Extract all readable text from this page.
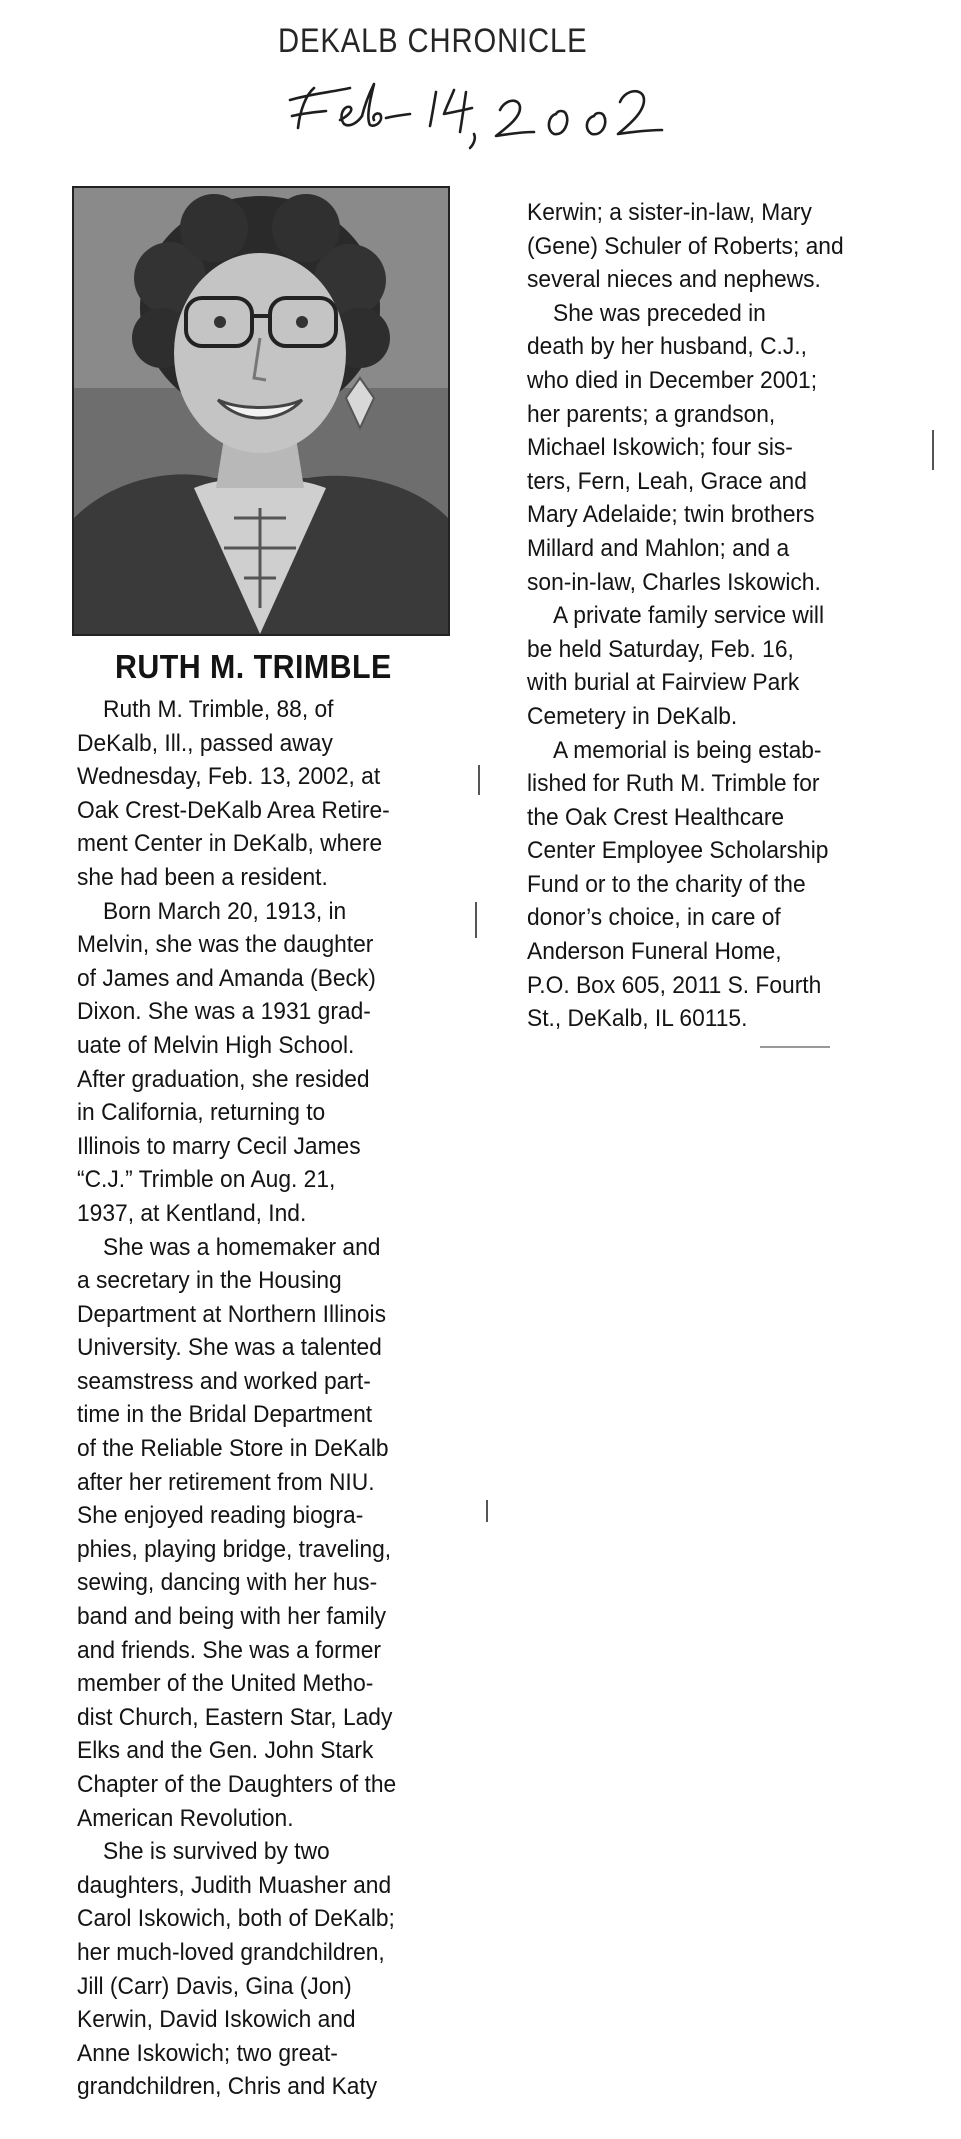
DEKALB CHRONICLE
RUTH M. TRIMBLE
Ruth M. Trimble, 88, of
DeKalb, Ill., passed away
Wednesday, Feb. 13, 2002, at
Oak Crest-DeKalb Area Retire-
ment Center in DeKalb, where
she had been a resident.
Born March 20, 1913, in
Melvin, she was the daughter
of James and Amanda (Beck)
Dixon. She was a 1931 grad-
uate of Melvin High School.
After graduation, she resided
in California, returning to
Illinois to marry Cecil James
“C.J.” Trimble on Aug. 21,
1937, at Kentland, Ind.
She was a homemaker and
a secretary in the Housing
Department at Northern Illinois
University. She was a talented
seamstress and worked part-
time in the Bridal Department
of the Reliable Store in DeKalb
after her retirement from NIU.
She enjoyed reading biogra-
phies, playing bridge, traveling,
sewing, dancing with her hus-
band and being with her family
and friends. She was a former
member of the United Metho-
dist Church, Eastern Star, Lady
Elks and the Gen. John Stark
Chapter of the Daughters of the
American Revolution.
She is survived by two
daughters, Judith Muasher and
Carol Iskowich, both of DeKalb;
her much-loved grandchildren,
Jill (Carr) Davis, Gina (Jon)
Kerwin, David Iskowich and
Anne Iskowich; two great-
grandchildren, Chris and Katy
Kerwin; a sister-in-law, Mary
(Gene) Schuler of Roberts; and
several nieces and nephews.
She was preceded in
death by her husband, C.J.,
who died in December 2001;
her parents; a grandson,
Michael Iskowich; four sis-
ters, Fern, Leah, Grace and
Mary Adelaide; twin brothers
Millard and Mahlon; and a
son-in-law, Charles Iskowich.
A private family service will
be held Saturday, Feb. 16,
with burial at Fairview Park
Cemetery in DeKalb.
A memorial is being estab-
lished for Ruth M. Trimble for
the Oak Crest Healthcare
Center Employee Scholarship
Fund or to the charity of the
donor’s choice, in care of
Anderson Funeral Home,
P.O. Box 605, 2011 S. Fourth
St., DeKalb, IL 60115.
